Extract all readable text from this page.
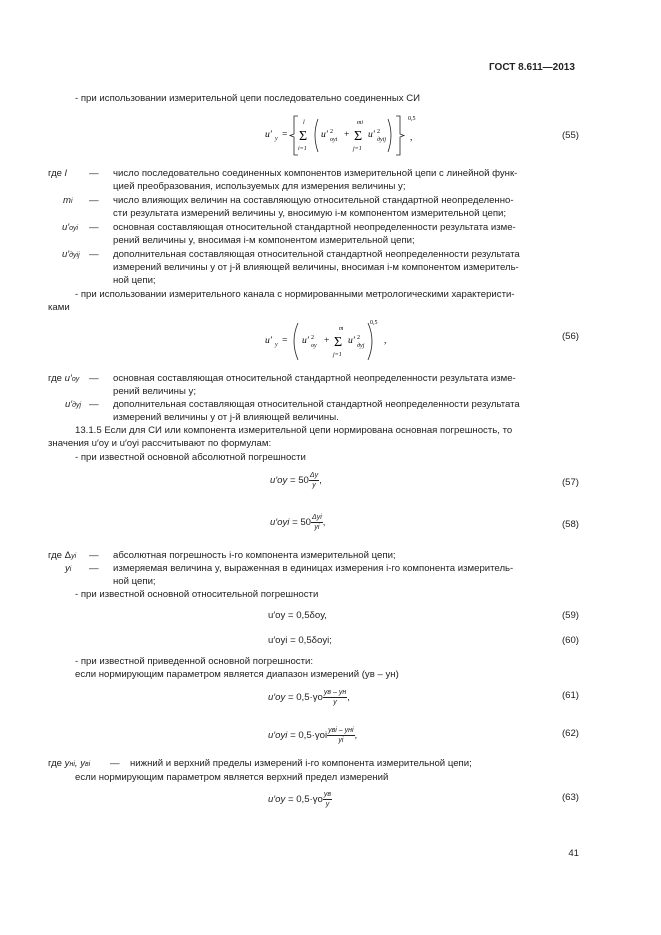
ГОСТ 8.611—2013
- при использовании измерительной цепи последовательно соединенных СИ
u′ y =
l
Σ
i=1
u′ 2
oyi +
mi
Σ
j=1
u′ 2
дyij
0,5
,	(55)
где l — число последовательно соединенных компонентов измерительной цепи с линейной функ-
цией преобразования, используемых для измерения величины y;
mi — число влияющих величин на составляющую относительной стандартной неопределенно-
сти результата измерений величины y, вносимую i-м компонентом измерительной цепи;
u′oyi — основная составляющая относительной стандартной неопределенности результата изме-
рений величины y, вносимая i-м компонентом измерительной цепи;
u′дyij — дополнительная составляющая относительной стандартной неопределенности результата
измерений величины y от j-й влияющей величины, вносимая i-м компонентом измеритель-
ной цепи;
- при использовании измерительного канала с нормированными метрологическими характеристи-
ками
u′ y = u′ 2
oy +
m
Σ
j=1
u′ 2
дyj
0,5
,	(56)
где u′oy — основная составляющая относительной стандартной неопределенности результата изме-
рений величины y;
u′дyj — дополнительная составляющая относительной стандартной неопределенности результата
измерений величины y от j-й влияющей величины.
13.1.5 Если для СИ или компонента измерительной цепи нормирована основная погрешность, то
значения u′oy и u′oyi рассчитывают по формулам:
- при известной основной абсолютной погрешности
$u'oy = 50 \frac{\Delta y}{y}$ ,	(57)
$u'oyi = 50 \frac{\text{Δyi}}{yi}$ ,	(58)
где Δyi — абсолютная погрешность i-го компонента измерительной цепи;
yi — измеряемая величина y, выраженная в единицах измерения i-го компонента измеритель-
ной цепи;
- при известной основной относительной погрешности
u′oy = 0,5δoy,	(59)
u′oyi = 0,5δoyi;	(60)
- при известной приведенной основной погрешности:
если нормирующим параметром является диапазон измерений (yв – yн)
$u'oy = 0,5\cdot\gamma o \frac{yв - yн}{y}$ ,	(61)
$u'oyi = 0,5\cdot\gamma oi \frac{\text{yвi – yнi}}{yi}$ ,	(62)
где yнi, yвi — нижний и верхний пределы измерений i-го компонента измерительной цепи;
если нормирующим параметром является верхний предел измерений
$u'oy = 0,5\cdot\gamma o \frac{yв}{y}$	(63)
41
